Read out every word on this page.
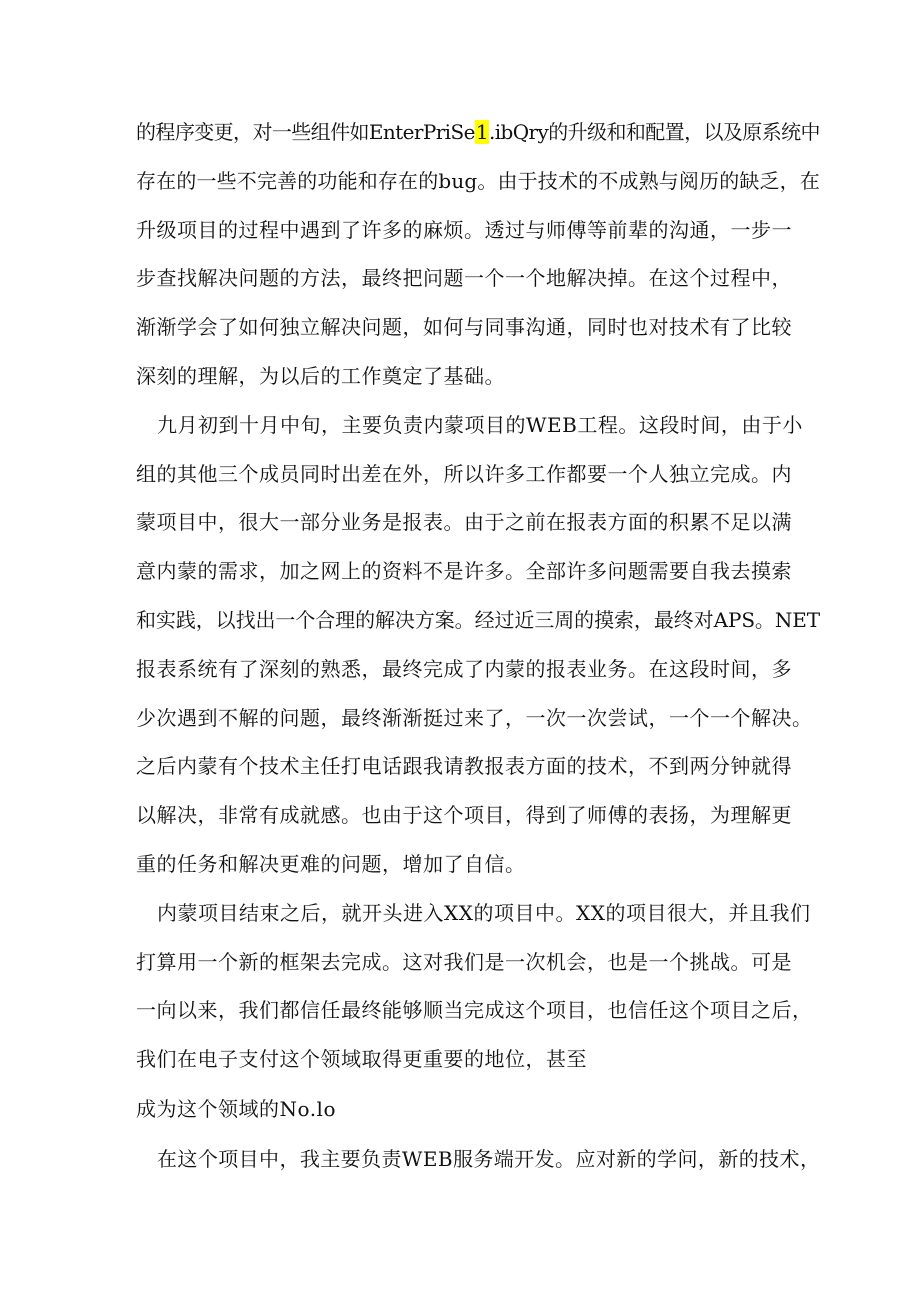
的程序变更，对一些组件如EnterPriSe1.ibQry的升级和和配置，以及原系统中
存在的一些不完善的功能和存在的bug。由于技术的不成熟与阅历的缺乏，在
升级项目的过程中遇到了许多的麻烦。透过与师傅等前辈的沟通，一步一
步查找解决问题的方法，最终把问题一个一个地解决掉。在这个过程中，
渐渐学会了如何独立解决问题，如何与同事沟通，同时也对技术有了比较
深刻的理解，为以后的工作奠定了基础。
九月初到十月中旬，主要负责内蒙项目的WEB工程。这段时间，由于小
组的其他三个成员同时出差在外，所以许多工作都要一个人独立完成。内
蒙项目中，很大一部分业务是报表。由于之前在报表方面的积累不足以满
意内蒙的需求，加之网上的资料不是许多。全部许多问题需要自我去摸索
和实践，以找出一个合理的解决方案。经过近三周的摸索，最终对APS。NET
报表系统有了深刻的熟悉，最终完成了内蒙的报表业务。在这段时间，多
少次遇到不解的问题，最终渐渐挺过来了，一次一次尝试，一个一个解决。
之后内蒙有个技术主任打电话跟我请教报表方面的技术，不到两分钟就得
以解决，非常有成就感。也由于这个项目，得到了师傅的表扬，为理解更
重的任务和解决更难的问题，增加了自信。
内蒙项目结束之后，就开头进入XX的项目中。XX的项目很大，并且我们
打算用一个新的框架去完成。这对我们是一次机会，也是一个挑战。可是
一向以来，我们都信任最终能够顺当完成这个项目，也信任这个项目之后，
我们在电子支付这个领域取得更重要的地位，甚至
成为这个领域的No.lo
在这个项目中，我主要负责WEB服务端开发。应对新的学问，新的技术，
